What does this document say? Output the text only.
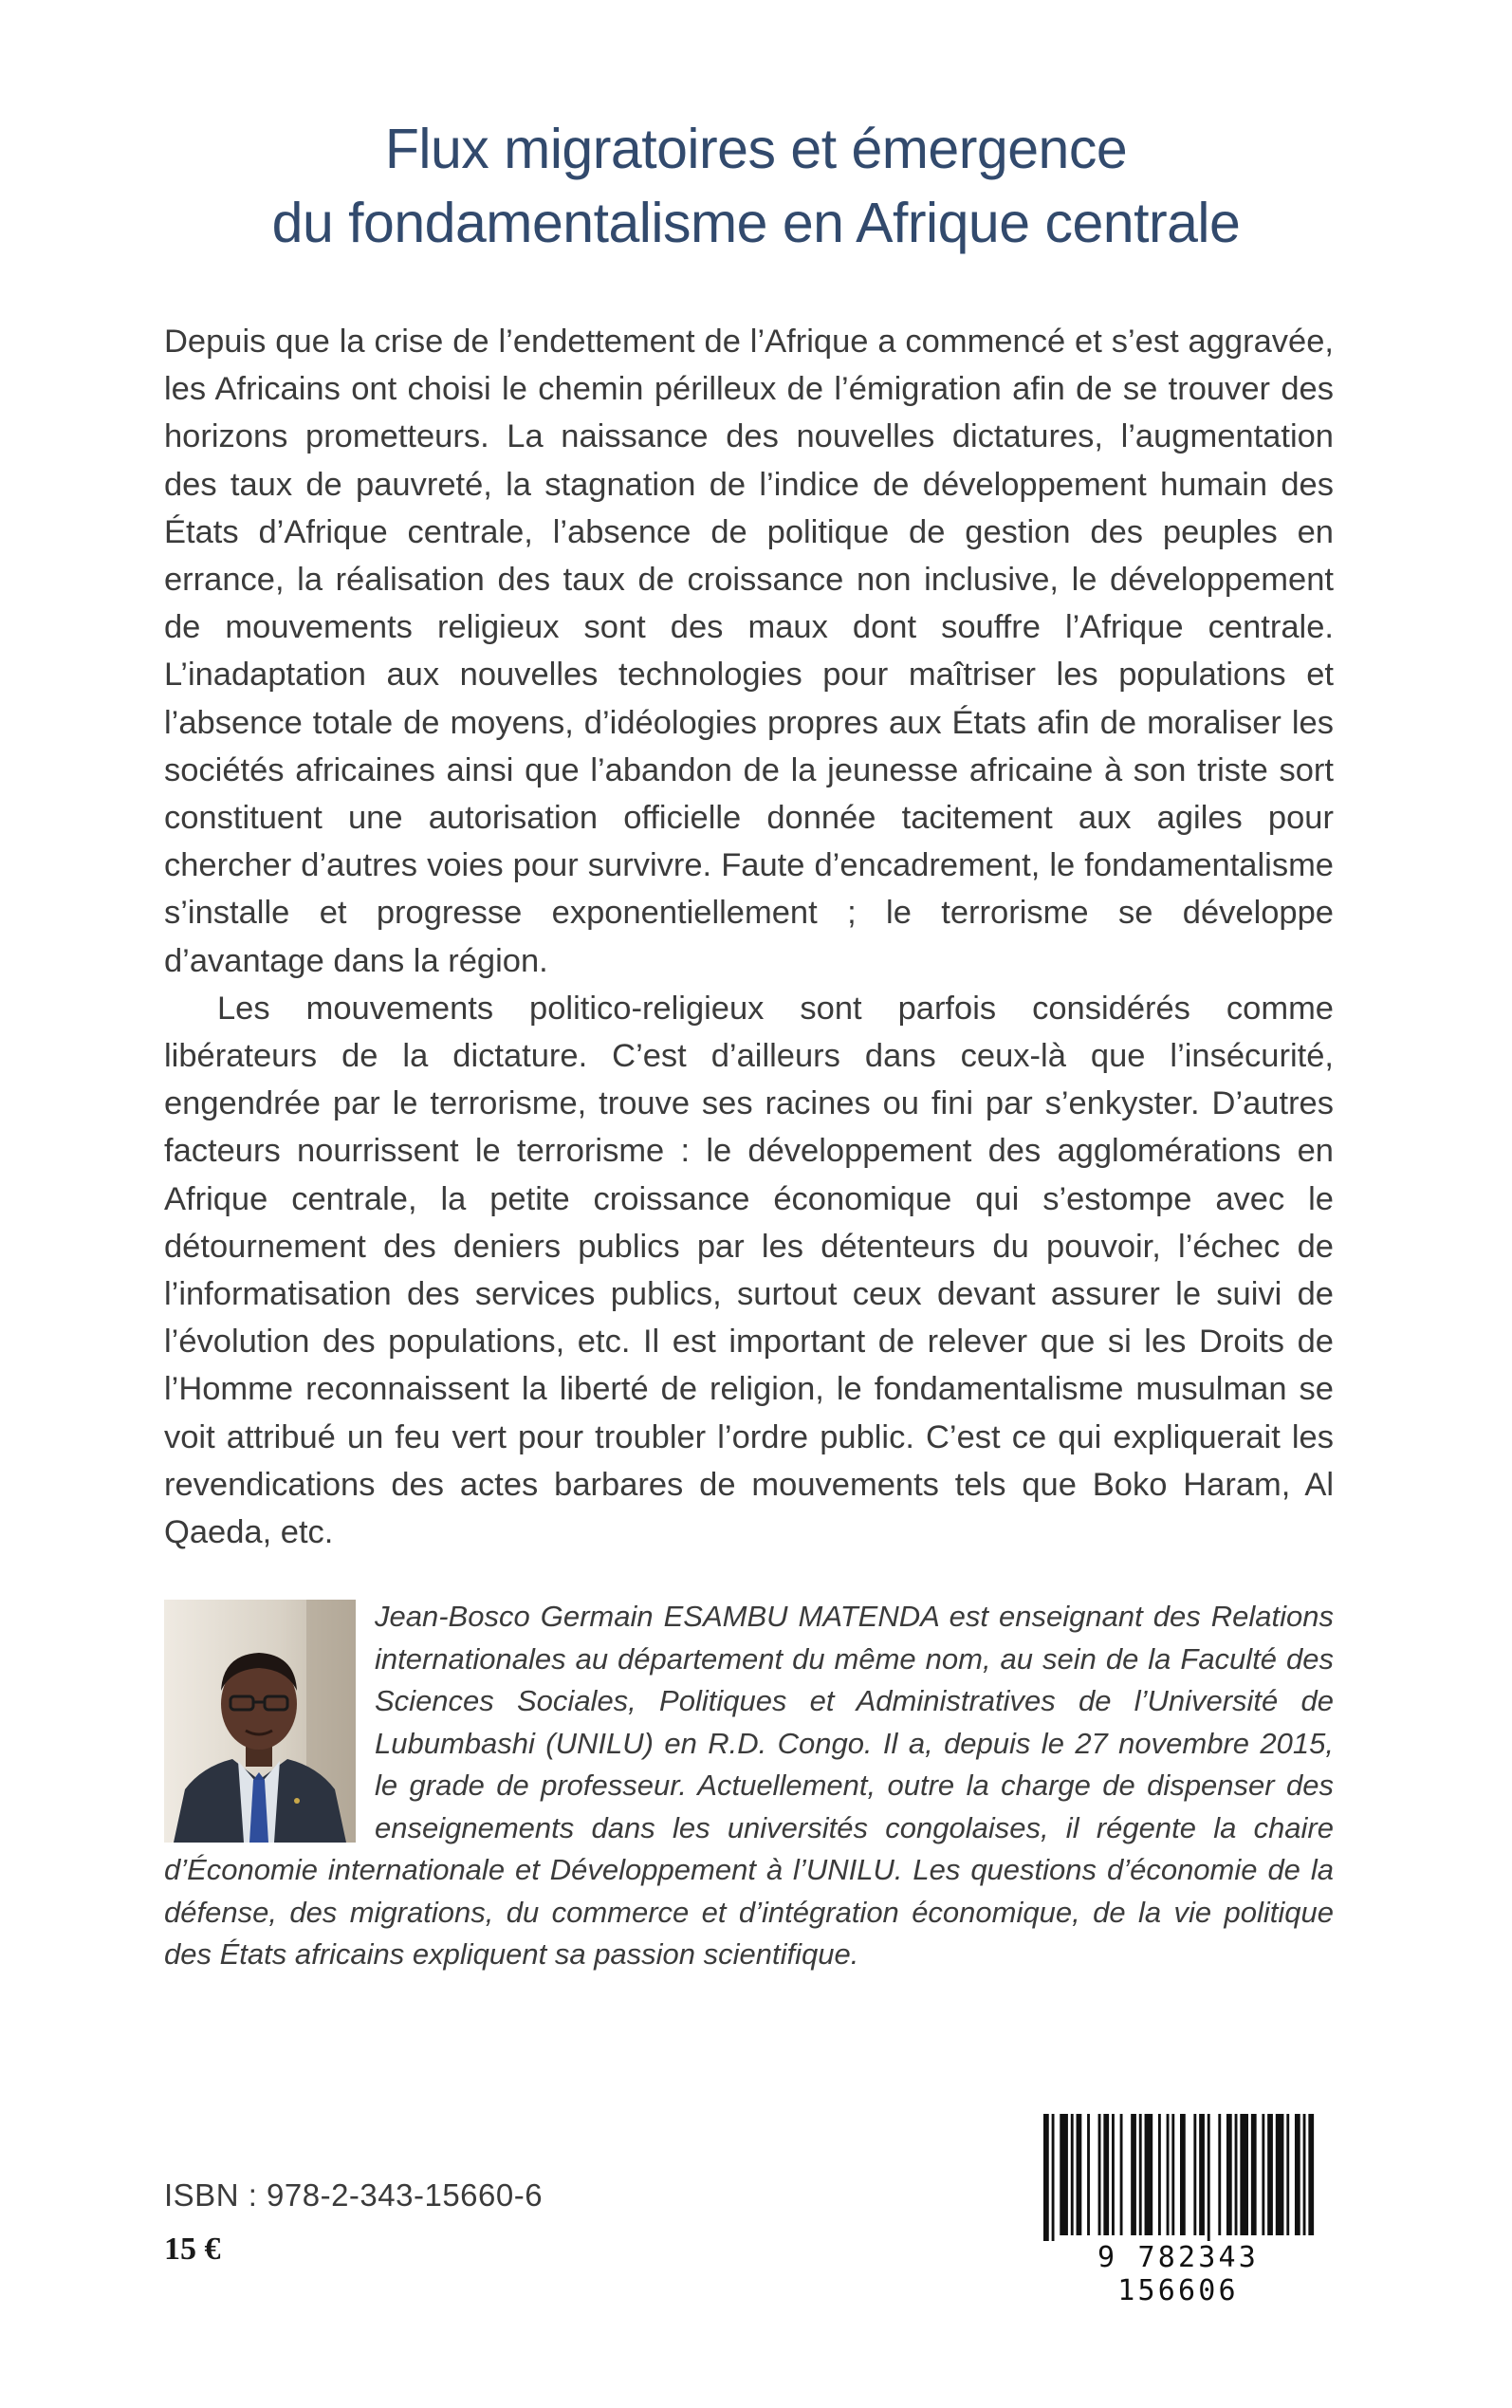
Flux migratoires et émergence
du fondamentalisme en Afrique centrale

Depuis que la crise de l’endettement de l’Afrique a commencé et s’est aggravée, les Africains ont choisi le chemin périlleux de l’émigration afin de se trouver des horizons prometteurs. La naissance des nouvelles dictatures, l’augmentation des taux de pauvreté, la stagnation de l’indice de développement humain des États d’Afrique centrale, l’absence de politique de gestion des peuples en errance, la réalisation des taux de croissance non inclusive, le développement de mouvements religieux sont des maux dont souffre l’Afrique centrale. L’inadaptation aux nouvelles technologies pour maîtriser les populations et l’absence totale de moyens, d’idéologies propres aux États afin de moraliser les sociétés africaines ainsi que l’abandon de la jeunesse africaine à son triste sort constituent une autorisation officielle donnée tacitement aux agiles pour chercher d’autres voies pour survivre. Faute d’encadrement, le fondamentalisme s’installe et progresse exponentiellement ; le terrorisme se développe d’avantage dans la région.

Les mouvements politico-religieux sont parfois considérés comme libérateurs de la dictature. C’est d’ailleurs dans ceux-là que l’insécurité, engendrée par le terrorisme, trouve ses racines ou fini par s’enkyster. D’autres facteurs nourrissent le terrorisme : le développement des agglomérations en Afrique centrale, la petite croissance économique qui s’estompe avec le détournement des deniers publics par les détenteurs du pouvoir, l’échec de l’informatisation des services publics, surtout ceux devant assurer le suivi de l’évolution des populations, etc. Il est important de relever que si les Droits de l’Homme reconnaissent la liberté de religion, le fondamentalisme musulman se voit attribué un feu vert pour troubler l’ordre public. C’est ce qui expliquerait les revendications des actes barbares de mouvements tels que Boko Haram, Al Qaeda, etc.

Jean-Bosco Germain ESAMBU MATENDA est enseignant des Relations internationales au département du même nom, au sein de la Faculté des Sciences Sociales, Politiques et Administratives de l’Université de Lubumbashi (UNILU) en R.D. Congo. Il a, depuis le 27 novembre 2015, le grade de professeur. Actuellement, outre la charge de dispenser des enseignements dans les universités congolaises, il régente la chaire d’Économie internationale et Développement à l’UNILU. Les questions d’économie de la défense, des migrations, du commerce et d’intégration économique, de la vie politique des États africains expliquent sa passion scientifique.

ISBN : 978-2-343-15660-6
15 €	9 782343 156606
